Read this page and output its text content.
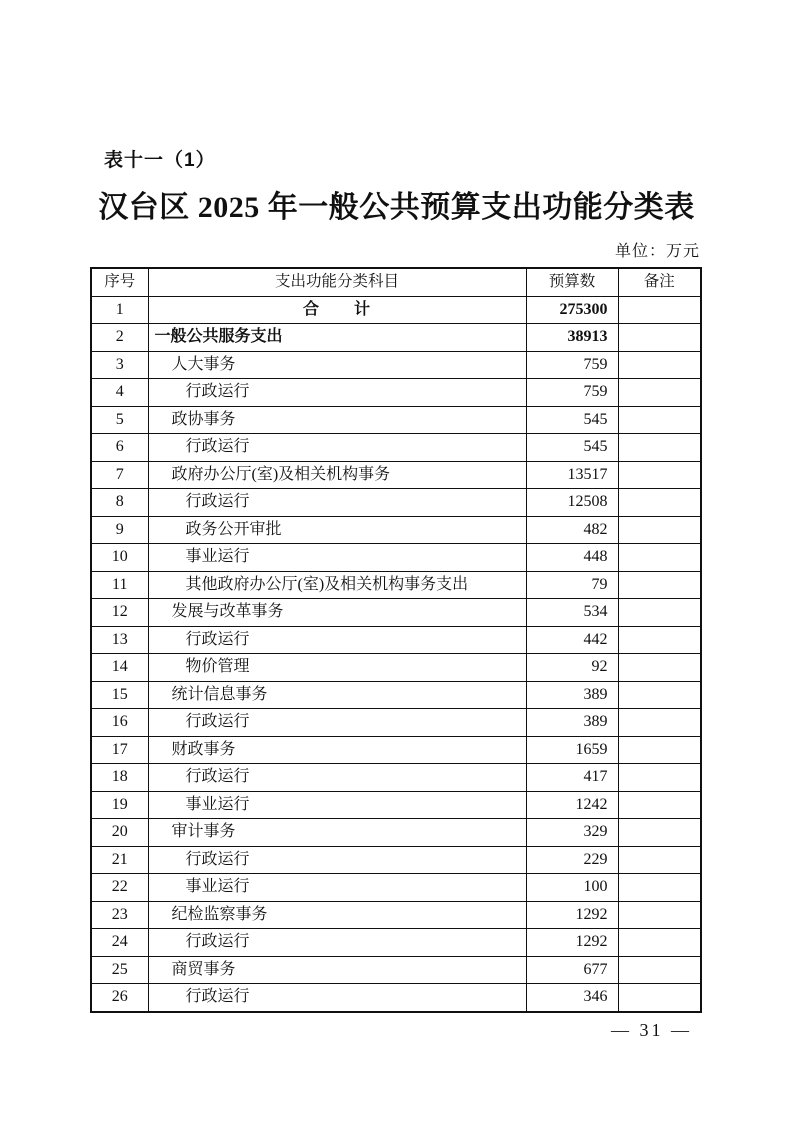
表十一（1）
汉台区 2025 年一般公共预算支出功能分类表
单位：万元
序号	支出功能分类科目	预算数	备注
1	合　　计	275300	
2	一般公共服务支出	38913	
3	人大事务	759	
4	行政运行	759	
5	政协事务	545	
6	行政运行	545	
7	政府办公厅(室)及相关机构事务	13517	
8	行政运行	12508	
9	政务公开审批	482	
10	事业运行	448	
11	其他政府办公厅(室)及相关机构事务支出	79	
12	发展与改革事务	534	
13	行政运行	442	
14	物价管理	92	
15	统计信息事务	389	
16	行政运行	389	
17	财政事务	1659	
18	行政运行	417	
19	事业运行	1242	
20	审计事务	329	
21	行政运行	229	
22	事业运行	100	
23	纪检监察事务	1292	
24	行政运行	1292	
25	商贸事务	677	
26	行政运行	346	
— 31 —
